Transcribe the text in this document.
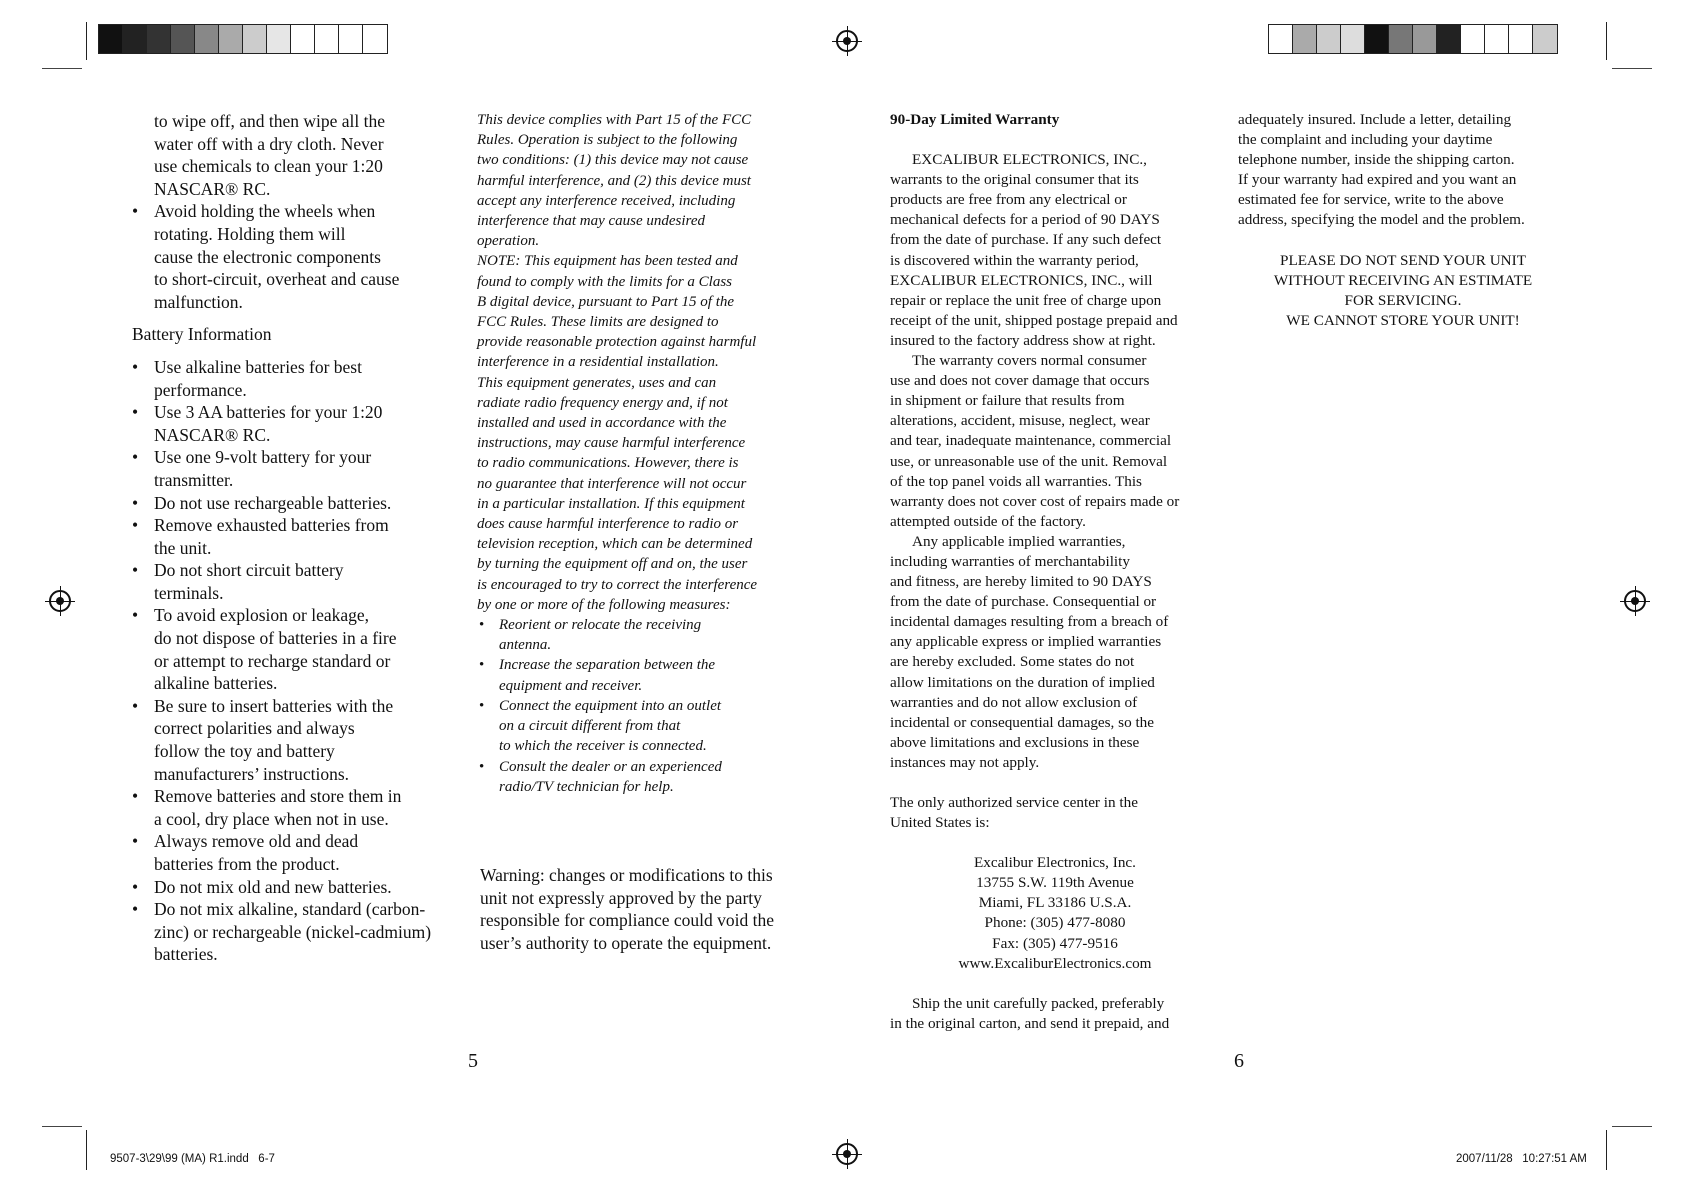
to wipe off, and then wipe all the
water off with a dry cloth. Never
use chemicals to clean your 1:20
NASCAR® RC.
• Avoid holding the wheels when
rotating. Holding them will
cause the electronic components
to short-circuit, overheat and cause
malfunction.
Battery Information
• Use alkaline batteries for best
performance.
• Use 3 AA batteries for your 1:20
NASCAR® RC.
• Use one 9-volt battery for your
transmitter.
• Do not use rechargeable batteries.
• Remove exhausted batteries from
the unit.
• Do not short circuit battery
terminals.
• To avoid explosion or leakage,
do not dispose of batteries in a fire
or attempt to recharge standard or
alkaline batteries.
• Be sure to insert batteries with the
correct polarities and always
follow the toy and battery
manufacturers’ instructions.
• Remove batteries and store them in
a cool, dry place when not in use.
• Always remove old and dead
batteries from the product.
• Do not mix old and new batteries.
• Do not mix alkaline, standard (carbon-
zinc) or rechargeable (nickel-cadmium)
batteries.
This device complies with Part 15 of the FCC
Rules. Operation is subject to the following
two conditions: (1) this device may not cause
harmful interference, and (2) this device must
accept any interference received, including
interference that may cause undesired
operation.
NOTE: This equipment has been tested and
found to comply with the limits for a Class
B digital device, pursuant to Part 15 of the
FCC Rules. These limits are designed to
provide reasonable protection against harmful
interference in a residential installation.
This equipment generates, uses and can
radiate radio frequency energy and, if not
installed and used in accordance with the
instructions, may cause harmful interference
to radio communications. However, there is
no guarantee that interference will not occur
in a particular installation. If this equipment
does cause harmful interference to radio or
television reception, which can be determined
by turning the equipment off and on, the user
is encouraged to try to correct the interference
by one or more of the following measures:
• Reorient or relocate the receiving
antenna.
• Increase the separation between the
equipment and receiver.
• Connect the equipment into an outlet
on a circuit different from that
to which the receiver is connected.
• Consult the dealer or an experienced
radio/TV technician for help.
Warning: changes or modifications to this
unit not expressly approved by the party
responsible for compliance could void the
user’s authority to operate the equipment.
5
90-Day Limited Warranty
EXCALIBUR ELECTRONICS, INC.,
warrants to the original consumer that its
products are free from any electrical or
mechanical defects for a period of 90 DAYS
from the date of purchase. If any such defect
is discovered within the warranty period,
EXCALIBUR ELECTRONICS, INC., will
repair or replace the unit free of charge upon
receipt of the unit, shipped postage prepaid and
insured to the factory address show at right.
The warranty covers normal consumer
use and does not cover damage that occurs
in shipment or failure that results from
alterations, accident, misuse, neglect, wear
and tear, inadequate maintenance, commercial
use, or unreasonable use of the unit. Removal
of the top panel voids all warranties. This
warranty does not cover cost of repairs made or
attempted outside of the factory.
Any applicable implied warranties,
including warranties of merchantability
and fitness, are hereby limited to 90 DAYS
from the date of purchase. Consequential or
incidental damages resulting from a breach of
any applicable express or implied warranties
are hereby excluded. Some states do not
allow limitations on the duration of implied
warranties and do not allow exclusion of
incidental or consequential damages, so the
above limitations and exclusions in these
instances may not apply.
The only authorized service center in the
United States is:
Excalibur Electronics, Inc.
13755 S.W. 119th Avenue
Miami, FL 33186 U.S.A.
Phone: (305) 477-8080
Fax: (305) 477-9516
www.ExcaliburElectronics.com
Ship the unit carefully packed, preferably
in the original carton, and send it prepaid, and
adequately insured. Include a letter, detailing
the complaint and including your daytime
telephone number, inside the shipping carton.
If your warranty had expired and you want an
estimated fee for service, write to the above
address, specifying the model and the problem.
PLEASE DO NOT SEND YOUR UNIT
WITHOUT RECEIVING AN ESTIMATE
FOR SERVICING.
WE CANNOT STORE YOUR UNIT!
6
9507-3\29\99 (MA) R1.indd   6-7	2007/11/28   10:27:51 AM
